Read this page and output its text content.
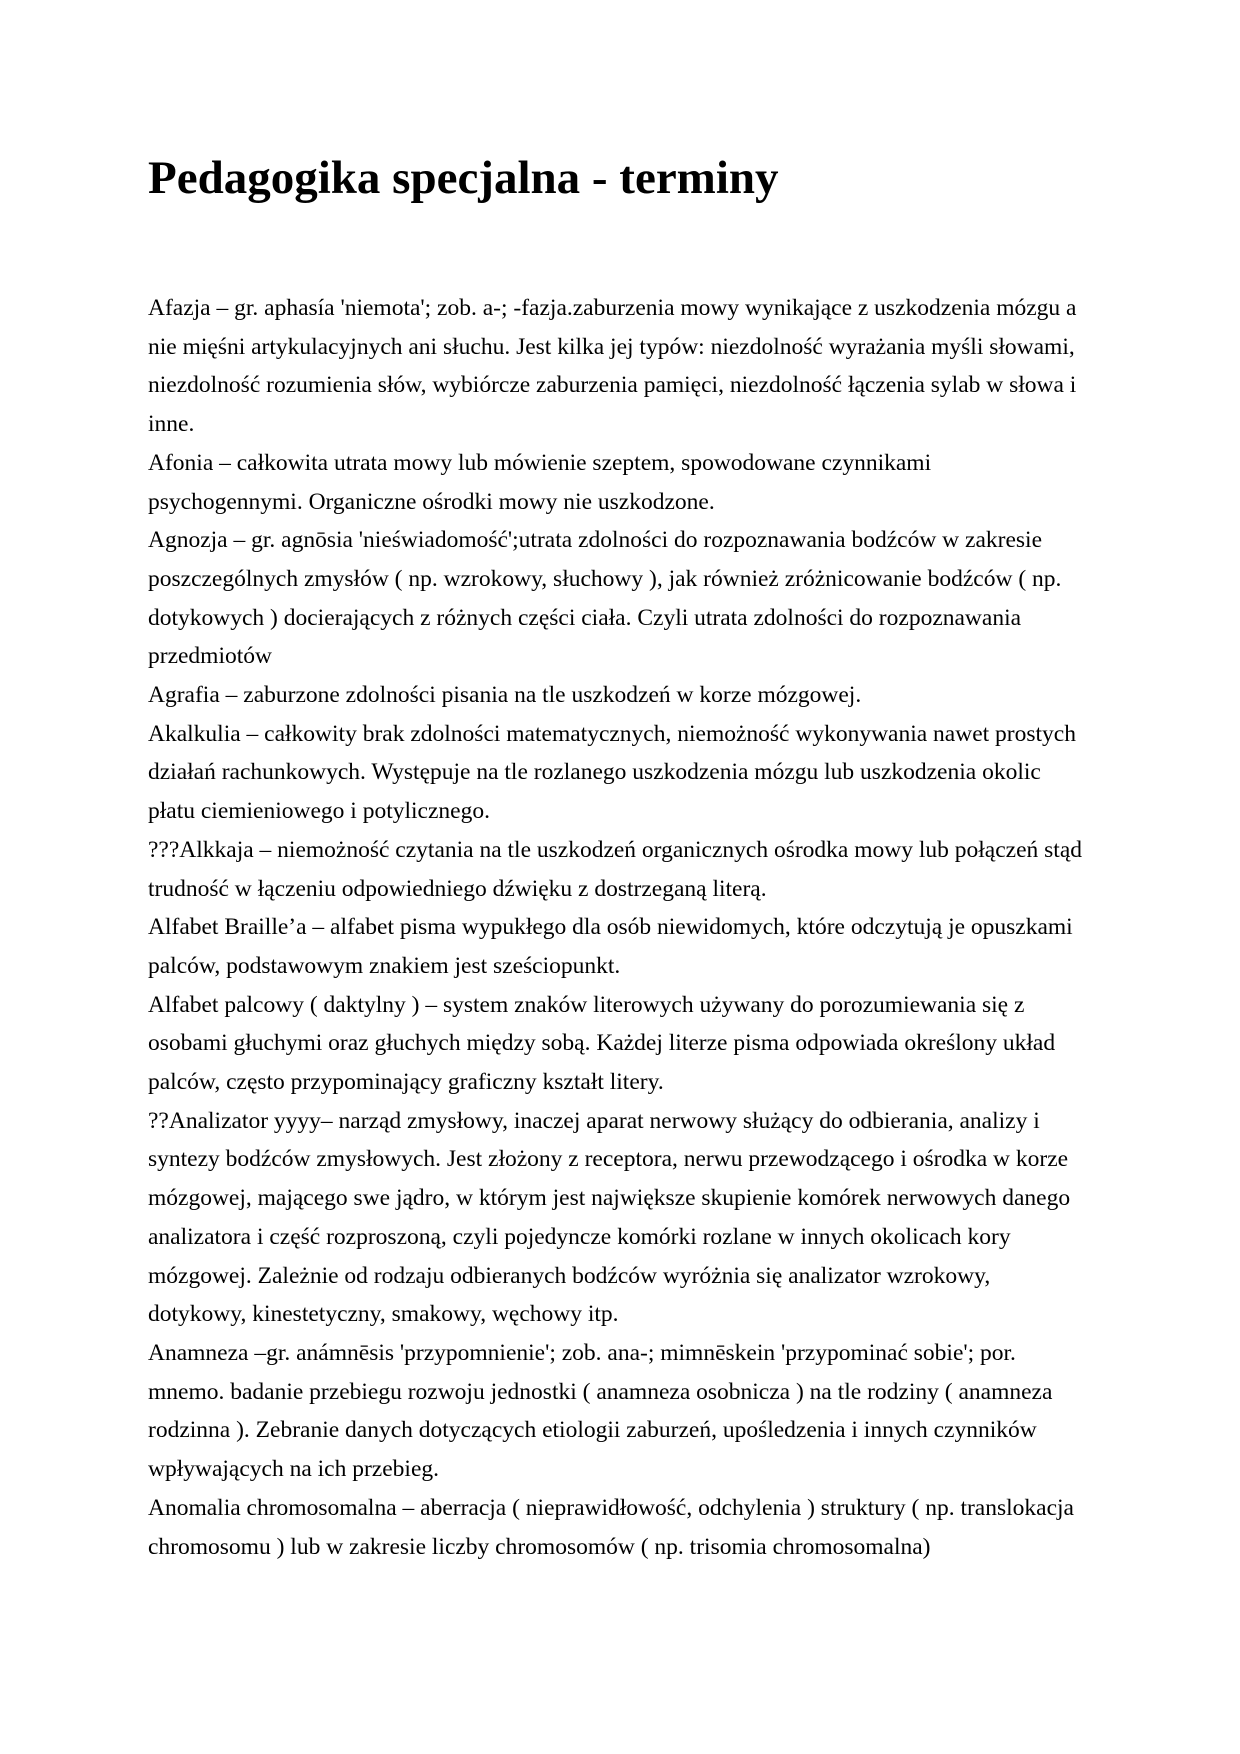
Pedagogika specjalna - terminy

Afazja – gr. aphasía 'niemota'; zob. a-; -fazja.zaburzenia mowy wynikające z uszkodzenia mózgu a nie mięśni artykulacyjnych ani słuchu. Jest kilka jej typów: niezdolność wyrażania myśli słowami, niezdolność rozumienia słów, wybiórcze zaburzenia pamięci, niezdolność łączenia sylab w słowa i inne.

Afonia – całkowita utrata mowy lub mówienie szeptem, spowodowane czynnikami psychogennymi. Organiczne ośrodki mowy nie uszkodzone.

Agnozja – gr. agnōsia 'nieświadomość';utrata zdolności do rozpoznawania bodźców w zakresie poszczególnych zmysłów ( np. wzrokowy, słuchowy ), jak również zróżnicowanie bodźców ( np. dotykowych ) docierających z różnych części ciała. Czyli utrata zdolności do rozpoznawania przedmiotów

Agrafia – zaburzone zdolności pisania na tle uszkodzeń w korze mózgowej.

Akalkulia – całkowity brak zdolności matematycznych, niemożność wykonywania nawet prostych działań rachunkowych. Występuje na tle rozlanego uszkodzenia mózgu lub uszkodzenia okolic płatu ciemieniowego i potylicznego.

???Alkkaja – niemożność czytania na tle uszkodzeń organicznych ośrodka mowy lub połączeń stąd trudność w łączeniu odpowiedniego dźwięku z dostrzeganą literą.

Alfabet Braille’a – alfabet pisma wypukłego dla osób niewidomych, które odczytują je opuszkami palców, podstawowym znakiem jest sześciopunkt.

Alfabet palcowy ( daktylny ) – system znaków literowych używany do porozumiewania się z osobami głuchymi oraz głuchych między sobą. Każdej literze pisma odpowiada określony układ palców, często przypominający graficzny kształt litery.

??Analizator yyyy– narząd zmysłowy, inaczej aparat nerwowy służący do odbierania, analizy i syntezy bodźców zmysłowych. Jest złożony z receptora, nerwu przewodzącego i ośrodka w korze mózgowej, mającego swe jądro, w którym jest największe skupienie komórek nerwowych danego analizatora i część rozproszoną, czyli pojedyncze komórki rozlane w innych okolicach kory mózgowej. Zależnie od rodzaju odbieranych bodźców wyróżnia się analizator wzrokowy, dotykowy, kinestetyczny, smakowy, węchowy itp.

Anamneza –gr. anámnēsis 'przypomnienie'; zob. ana-; mimnēskein 'przypominać sobie'; por. mnemo. badanie przebiegu rozwoju jednostki ( anamneza osobnicza ) na tle rodziny ( anamneza rodzinna ). Zebranie danych dotyczących etiologii zaburzeń, upośledzenia i innych czynników wpływających na ich przebieg.

Anomalia chromosomalna – aberracja ( nieprawidłowość, odchylenia ) struktury ( np. translokacja chromosomu ) lub w zakresie liczby chromosomów ( np. trisomia chromosomalna)
